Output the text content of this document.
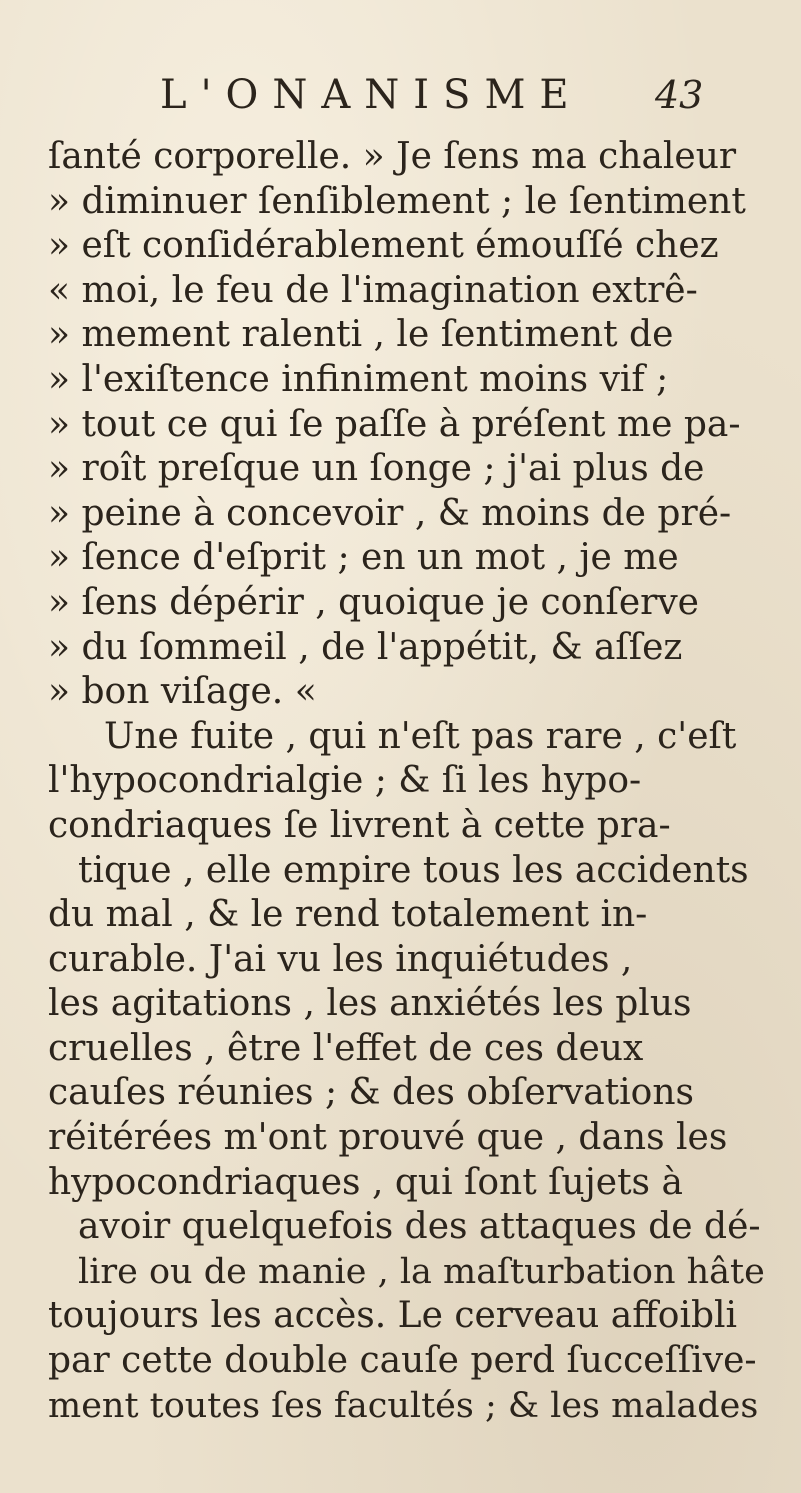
L'ONANISME 43
ſanté corporelle. » Je ſens ma chaleur
» diminuer ſenſiblement ; le ſentiment
» eſt conſidérablement émouſſé chez
« moi, le feu de l'imagination extrê-
» mement ralenti , le ſentiment de
» l'exiſtence infiniment moins vif ;
» tout ce qui ſe paſſe à préſent me pa-
» roît preſque un ſonge ; j'ai plus de
» peine à concevoir , & moins de pré-
» ſence d'eſprit ; en un mot , je me
» ſens dépérir , quoique je conſerve
» du ſommeil , de l'appétit, & aſſez
» bon viſage. «
Une fuite , qui n'eſt pas rare , c'eſt
l'hypocondrialgie ; & ſi les hypo-
condriaques ſe livrent à cette pra-
tique , elle empire tous les accidents
du mal , & le rend totalement in-
curable. J'ai vu les inquiétudes ,
les agitations , les anxiétés les plus
cruelles , être l'effet de ces deux
cauſes réunies ; & des obſervations
réitérées m'ont prouvé que , dans les
hypocondriaques , qui ſont ſujets à
avoir quelquefois des attaques de dé-
lire ou de manie , la maſturbation hâte
toujours les accès. Le cerveau affoibli
par cette double cauſe perd ſucceſſive-
ment toutes ſes facultés ; & les malades
